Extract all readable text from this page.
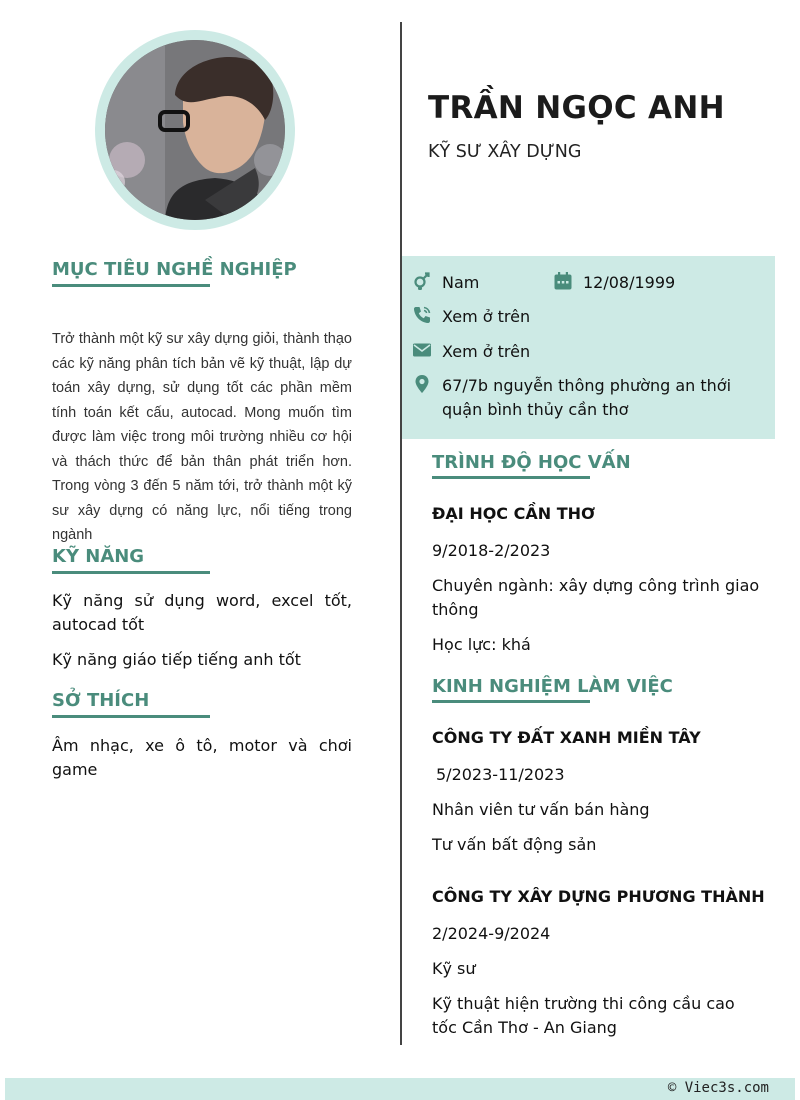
MỤC TIÊU NGHỀ NGHIỆP
Trở thành một kỹ sư xây dựng giỏi, thành thạo các kỹ năng phân tích bản vẽ kỹ thuật, lập dự toán xây dựng, sử dụng tốt các phần mềm tính toán kết cấu, autocad. Mong muốn tìm được làm việc trong môi trường nhiều cơ hội và thách thức để bản thân phát triển hơn. Trong vòng 3 đến 5 năm tới, trở thành một kỹ sư xây dựng có năng lực, nổi tiếng trong ngành
KỸ NĂNG
Kỹ năng sử dụng word, excel tốt, autocad tốt
Kỹ năng giáo tiếp tiếng anh tốt
SỞ THÍCH
Âm nhạc, xe ô tô, motor và chơi game
TRẦN NGỌC ANH
KỸ SƯ XÂY DỰNG
Nam	12/08/1999
Xem ở trên
Xem ở trên
67/7b nguyễn thông phường an thới
quận bình thủy cần thơ
TRÌNH ĐỘ HỌC VẤN
ĐẠI HỌC CẦN THƠ
9/2018-2/2023
Chuyên ngành: xây dựng công trình giao thông
Học lực: khá
KINH NGHIỆM LÀM VIỆC
CÔNG TY ĐẤT XANH MIỀN TÂY
5/2023-11/2023
Nhân viên tư vấn bán hàng
Tư vấn bất động sản
CÔNG TY XÂY DỰNG PHƯƠNG THÀNH
2/2024-9/2024
Kỹ sư
Kỹ thuật hiện trường thi công cầu cao tốc Cần Thơ - An Giang
© Viec3s.com
